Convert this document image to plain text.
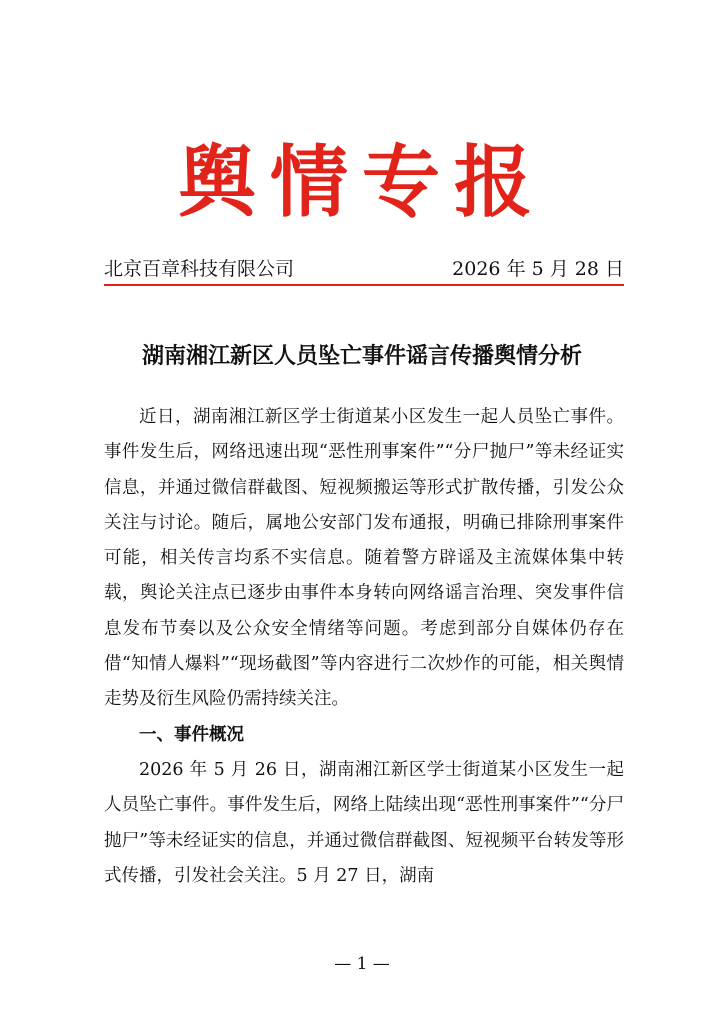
舆情专报
北京百章科技有限公司	2026 年 5 月 28 日
湖南湘江新区人员坠亡事件谣言传播舆情分析

近日，湖南湘江新区学士街道某小区发生一起人员坠亡事件。事件发生后，网络迅速出现“恶性刑事案件”“分尸抛尸”等未经证实信息，并通过微信群截图、短视频搬运等形式扩散传播，引发公众关注与讨论。随后，属地公安部门发布通报，明确已排除刑事案件可能，相关传言均系不实信息。随着警方辟谣及主流媒体集中转载，舆论关注点已逐步由事件本身转向网络谣言治理、突发事件信息发布节奏以及公众安全情绪等问题。考虑到部分自媒体仍存在借“知情人爆料”“现场截图”等内容进行二次炒作的可能，相关舆情走势及衍生风险仍需持续关注。

一、事件概况

2026 年 5 月 26 日，湖南湘江新区学士街道某小区发生一起人员坠亡事件。事件发生后，网络上陆续出现“恶性刑事案件”“分尸抛尸”等未经证实的信息，并通过微信群截图、短视频平台转发等形式传播，引发社会关注。5 月 27 日，湖南

— 1 —
